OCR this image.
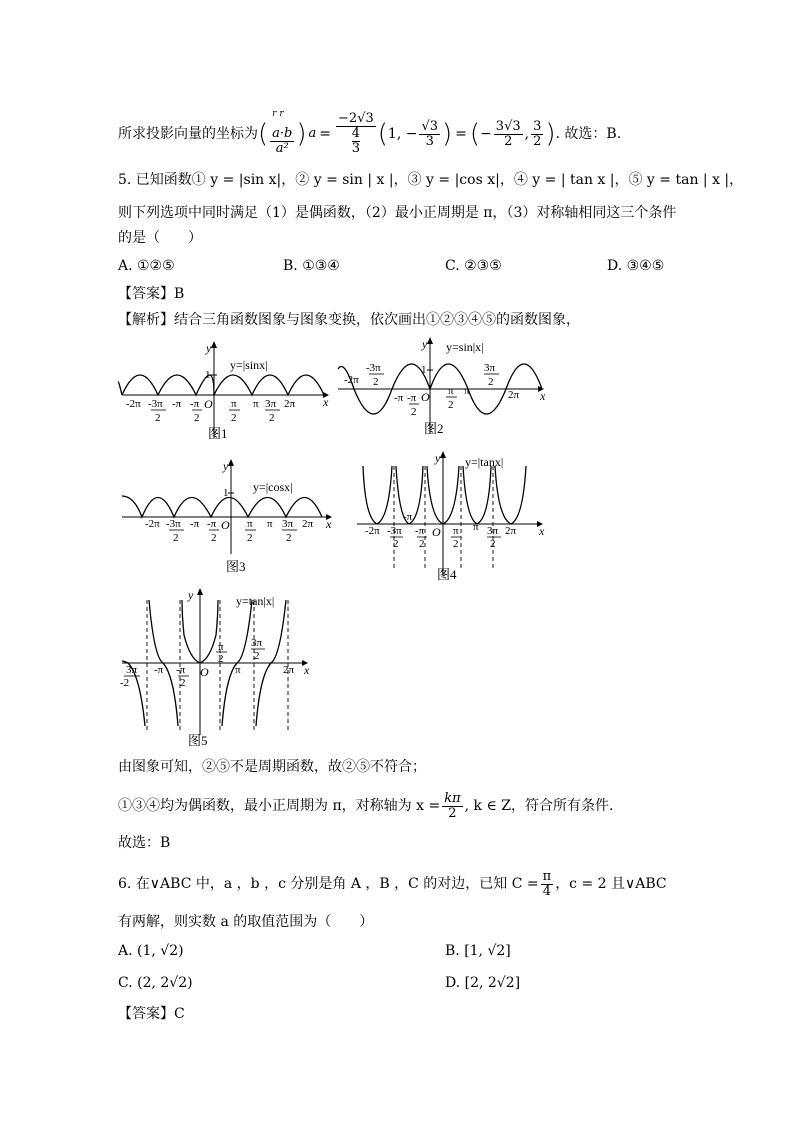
所求投影向量的坐标为 (
$^{r r}$
a·b
a² ) a = −2√3
4
3 ( 1, − $\frac{√3}{3}$ ) = ( − $\frac{3√3}{2}$ , $\frac{3}{2}$ ) . 故选：B.
5. 已知函数① y = |sin x|，② y = sin | x |，③ y = |cos x|，④ y = | tan x |，⑤ y = tan | x |，
则下列选项中同时满足（1）是偶函数，（2）最小正周期是 π，（3）对称轴相同这三个条件
的是（　　）
A. ①②⑤	B. ①③④	C. ②③⑤	D. ③④⑤
【答案】B
【解析】结合三角函数图象与图象变换，依次画出①②③④⑤的函数图象，
1
y
x
O
y=|sinx|
-2π -3π
2
-π -π
2
π
2
π 3π
2
2π
图1
1
y
x
O
y=sin|x|
-2π
-3π
2
-π -π
2
π
2
π
3π
2
2π
图2
1
y
x
O
y=|cosx|
-2π -3π
2
-π -π
2
π
2
π 3π
2
2π
图3
y
x
O
y=|tanx|
-π
-2π -3π
2
-π
2
π
2
π 3π
2
2π
图4
y
x
O
y=tan|x|
π
2
3π
2
3π
-2
-π -π
2
π	2π
图5
由图象可知，②⑤不是周期函数，故②⑤不符合；
①③④均为偶函数，最小正周期为 π，对称轴为 $x = \frac{k\pi}{2}$ , k ∈ Z，符合所有条件.
故选：B
6. 在∨ABC 中，a ，b ，c 分别是角 A ，B ，C 的对边，已知 $C = \frac{\pi}{4}$ ，c = 2 且∨ABC
有两解，则实数 a 的取值范围为（　　）
A. (1, √2)	B. [1, √2]
C. (2, 2√2)	D. [2, 2√2]
【答案】C
